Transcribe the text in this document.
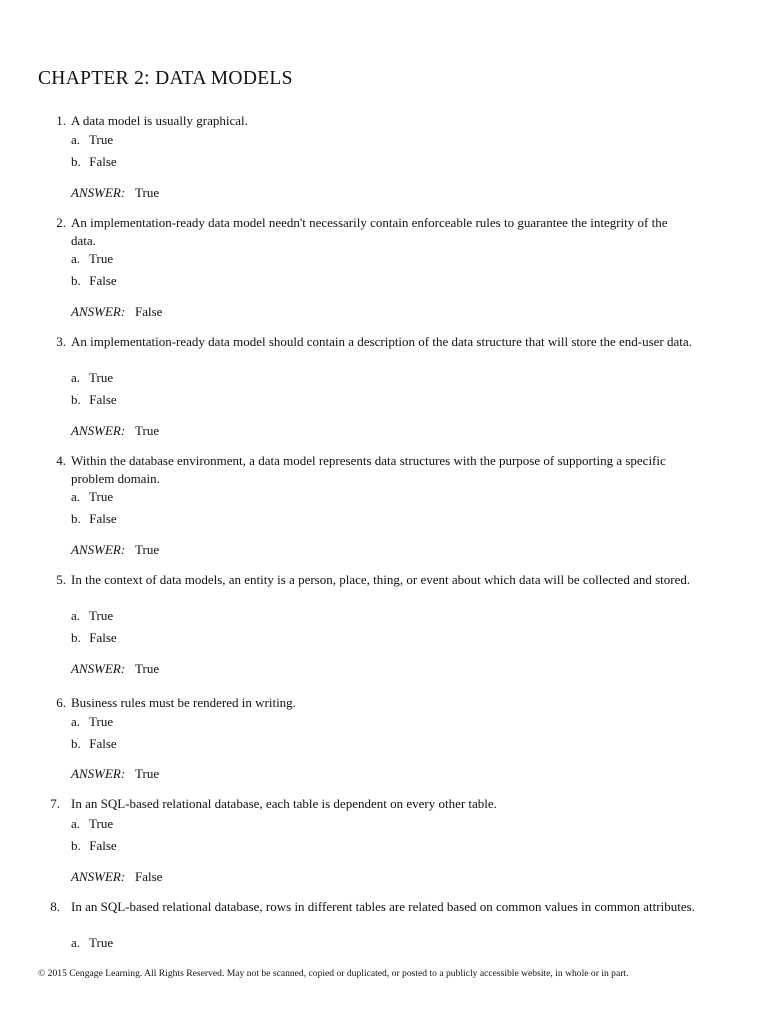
CHAPTER 2: DATA MODELS
1. A data model is usually graphical.
a. True
b. False
ANSWER: True
2. An implementation-ready data model needn't necessarily contain enforceable rules to guarantee the integrity of the data.
a. True
b. False
ANSWER: False
3. An implementation-ready data model should contain a description of the data structure that will store the end-user data.
a. True
b. False
ANSWER: True
4. Within the database environment, a data model represents data structures with the purpose of supporting a specific problem domain.
a. True
b. False
ANSWER: True
5. In the context of data models, an entity is a person, place, thing, or event about which data will be collected and stored.
a. True
b. False
ANSWER: True
6. Business rules must be rendered in writing.
a. True
b. False
ANSWER: True
7. In an SQL-based relational database, each table is dependent on every other table.
a. True
b. False
ANSWER: False
8. In an SQL-based relational database, rows in different tables are related based on common values in common attributes.
a. True
© 2015 Cengage Learning. All Rights Reserved. May not be scanned, copied or duplicated, or posted to a publicly accessible website, in whole or in part.
